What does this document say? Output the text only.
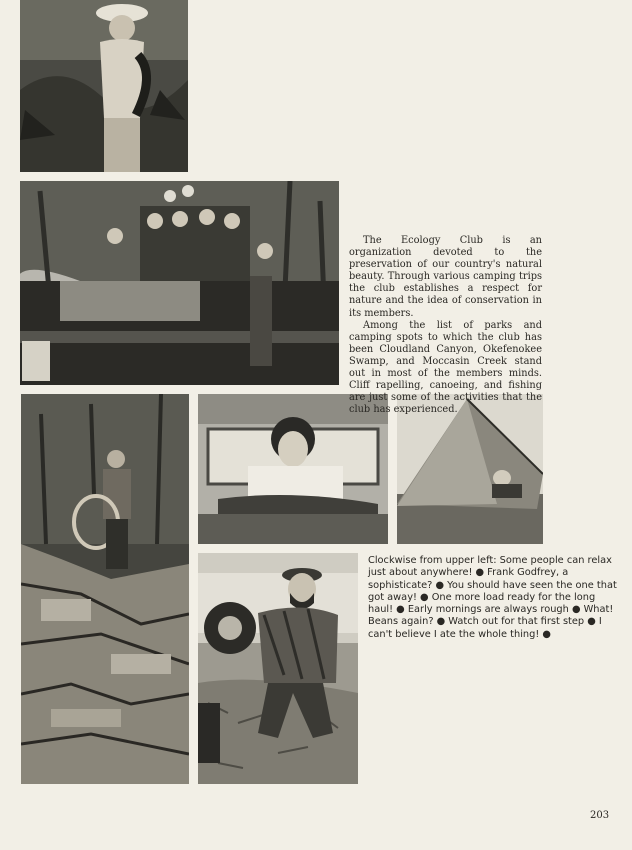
The Ecology Club is an organization devoted to the preservation of our country's natural beauty. Through various camping trips the club establishes a respect for nature and the idea of conservation in its members.

Among the list of parks and camping spots to which the club has been Cloudland Canyon, Okefenokee Swamp, and Moccasin Creek stand out in most of the members minds. Cliff rapelling, canoeing, and fishing are just some of the activities that the club has experienced.

Clockwise from upper left: Some people can relax just about anywhere! ● Frank Godfrey, a sophisticate? ● You should have seen the one that got away! ● One more load ready for the long haul! ● Early mornings are always rough ● What! Beans again? ● Watch out for that first step ● I can't believe I ate the whole thing! ●
203
